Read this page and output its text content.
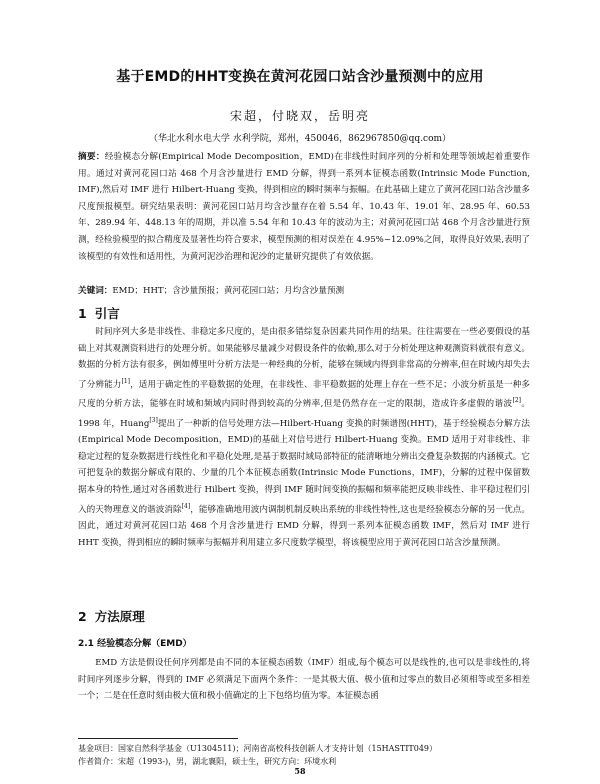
基于EMD的HHT变换在黄河花园口站含沙量预测中的应用
宋超，付晓双，岳明亮
（华北水利水电大学 水利学院，郑州，450046，862967850@qq.com）

摘要：经验模态分解(Empirical Mode Decomposition，EMD)在非线性时间序列的分析和处理等领域起着重要作用。通过对黄河花园口站 468 个月含沙量进行 EMD 分解，得到一系列本征模态函数(Intrinsic Mode Function, IMF),然后对 IMF 进行 Hilbert-Huang 变换，得到相应的瞬时频率与振幅。在此基础上建立了黄河花园口站含沙量多尺度预报模型。研究结果表明：黄河花园口站月均含沙量存在着 5.54 年、10.43 年、19.01 年、28.95 年、60.53 年、289.94 年、448.13 年的周期，并以准 5.54 年和 10.43 年的波动为主；对黄河花园口站 468 个月含沙量进行预测，经检验模型的拟合精度及显著性均符合要求，模型预测的相对误差在 4.95%~12.09%之间，取得良好效果,表明了该模型的有效性和适用性，为黄河泥沙治理和泥沙的定量研究提供了有效依据。

关键词：EMD；HHT；含沙量预报；黄河花园口站；月均含沙量预测
1 引言

时间序列大多是非线性、非稳定多尺度的，是由很多错综复杂因素共同作用的结果。往往需要在一些必要假设的基础上对其观测资料进行的处理分析。如果能够尽量减少对假设条件的依赖,那么对于分析处理这种观测资料就很有意义。数据的分析方法有很多，例如傅里叶分析方法是一种经典的分析，能够在频域内得到非常高的分辨率,但在时域内却失去了分辨能力[1]，适用于确定性的平稳数据的处理，在非线性、非平稳数据的处理上存在一些不足；小波分析虽是一种多尺度的分析方法，能够在时域和频域内同时得到较高的分辨率,但是仍然存在一定的限制，造成许多虚假的谐波[2]。1998 年，Huang[3]提出了一种新的信号处理方法—Hilbert-Huang 变换的时频谱图(HHT)，基于经验模态分解方法(Empirical Mode Decomposition，EMD)的基础上对信号进行 Hilbert-Huang 变换。EMD 适用于对非线性、非稳定过程的复杂数据进行线性化和平稳化处理,是基于数据时域局部特征的能清晰地分辨出交叠复杂数据的内涵模式。它可把复杂的数据分解成有限的、少量的几个本征模态函数(Intrinsic Mode Functions，IMF)，分解的过程中保留数据本身的特性,通过对各函数进行 Hilbert 变换，得到 IMF 随时间变换的振幅和频率能把反映非线性、非平稳过程们引入的天物理意义的谐波消除[4]，能够准确地用波内调制机制反映出系统的非线性特性,这也是经验模态分解的另一优点。因此，通过对黄河花园口站 468 个月含沙量进行 EMD 分解，得到一系列本征模态函数 IMF，然后对 IMF 进行 HHT 变换，得到相应的瞬时频率与振幅并利用建立多尺度数学模型，将该模型应用于黄河花园口站含沙量预测。

2 方法原理
2.1 经验模态分解（EMD）

EMD 方法是假设任何序列都是由不同的本征模态函数（IMF）组成,每个模态可以是线性的,也可以是非线性的,将时间序列逐步分解，得到的 IMF 必须满足下面两个条件：一是其极大值、极小值和过零点的数目必须相等或至多相差一个；二是在任意时刻由极大值和极小值确定的上下包络均值为零。本征模态函

基金项目：国家自然科学基金（U1304511)；河南省高校科技创新人才支持计划（15HASTIT049）
作者简介：宋超（1993-)，男，湖北襄阳，硕士生，研究方向：环境水利
58
